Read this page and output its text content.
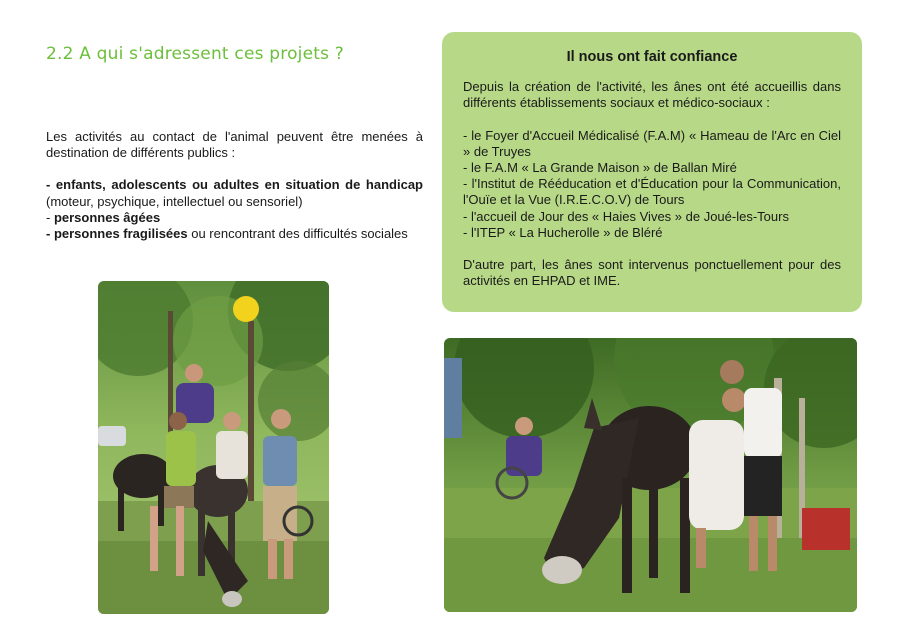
2.2 A qui s'adressent ces projets ?

Les activités au contact de l'animal peuvent être menées à destination de différents publics :

- enfants, adolescents ou adultes en situation de handicap (moteur, psychique, intellectuel ou sensoriel)

- personnes âgées

- personnes fragilisées ou rencontrant des difficultés sociales

Il nous ont fait confiance

Depuis la création de l'activité, les ânes ont été accueillis dans différents établissements sociaux et médico-sociaux :

- le Foyer d'Accueil Médicalisé (F.A.M) « Hameau de l'Arc en Ciel » de Truyes

- le F.A.M « La Grande Maison » de Ballan Miré

- l'Institut de Rééducation et d'Éducation pour la Communication, l'Ouïe et la Vue (I.R.E.C.O.V) de Tours

- l'accueil de Jour des « Haies Vives » de Joué-les-Tours

- l'ITEP « La Hucherolle » de Bléré

D'autre part, les ânes sont intervenus ponctuellement pour des activités en EHPAD et IME.
